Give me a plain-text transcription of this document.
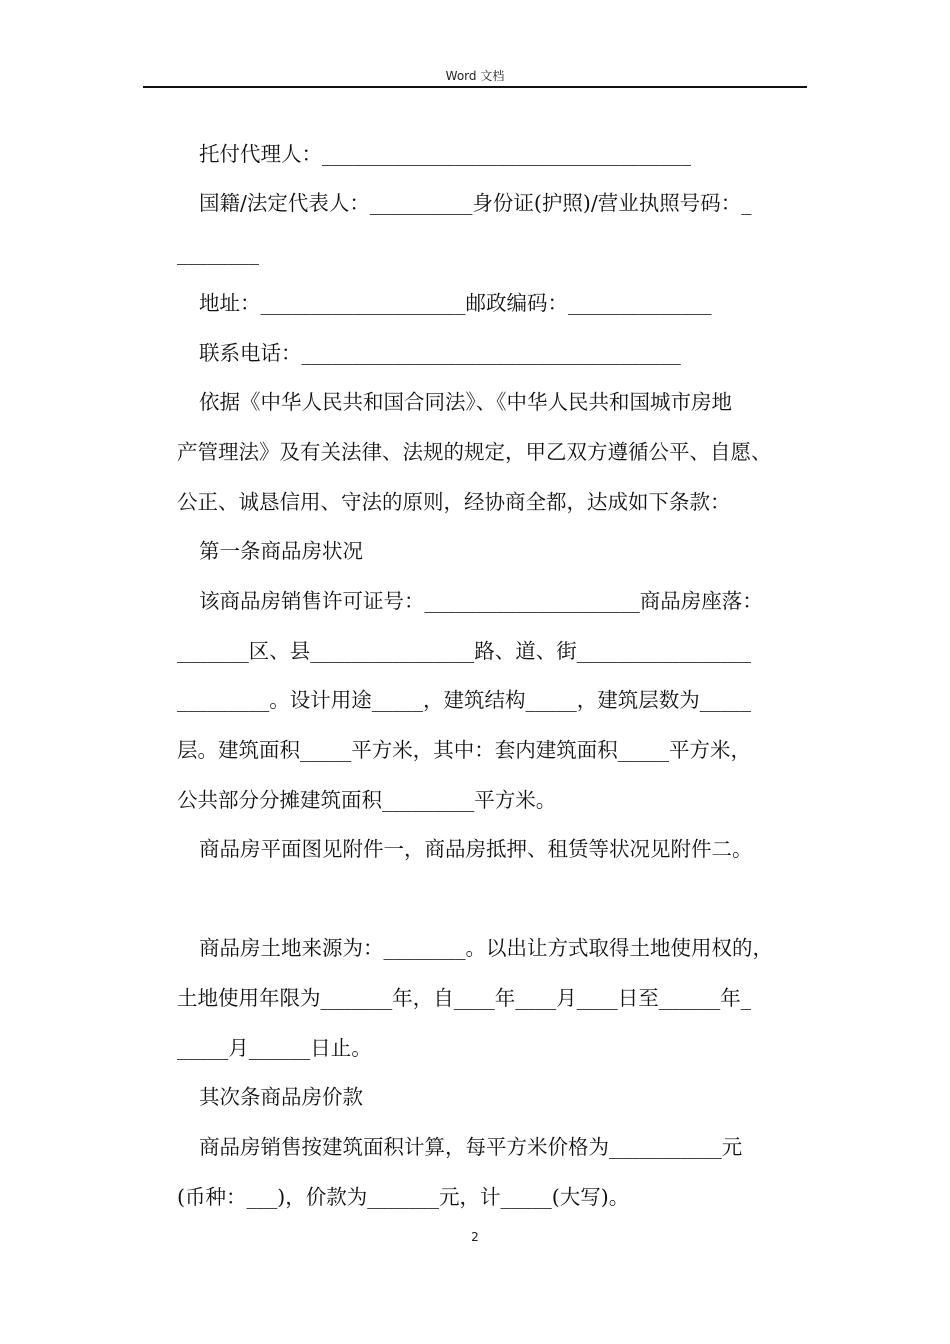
Word 文档
托付代理人：____________________________________
国籍/法定代表人：__________身份证(护照)/营业执照号码：_
________
地址：____________________邮政编码：______________
联系电话：_____________________________________
依据《中华人民共和国合同法》、《中华人民共和国城市房地
产管理法》及有关法律、法规的规定，甲乙双方遵循公平、自愿、
公正、诚恳信用、守法的原则，经协商全都，达成如下条款：
第一条商品房状况
该商品房销售许可证号：_____________________商品房座落：
_______区、县________________路、道、街_________________
_________。设计用途_____，建筑结构_____，建筑层数为_____
层。建筑面积_____平方米，其中：套内建筑面积_____平方米，
公共部分分摊建筑面积_________平方米。
商品房平面图见附件一，商品房抵押、租赁等状况见附件二。
商品房土地来源为：________。以出让方式取得土地使用权的，
土地使用年限为_______年，自____年____月____日至______年_
_____月______日止。
其次条商品房价款
商品房销售按建筑面积计算，每平方米价格为___________元
(币种：___)，价款为_______元，计_____(大写)。
2
